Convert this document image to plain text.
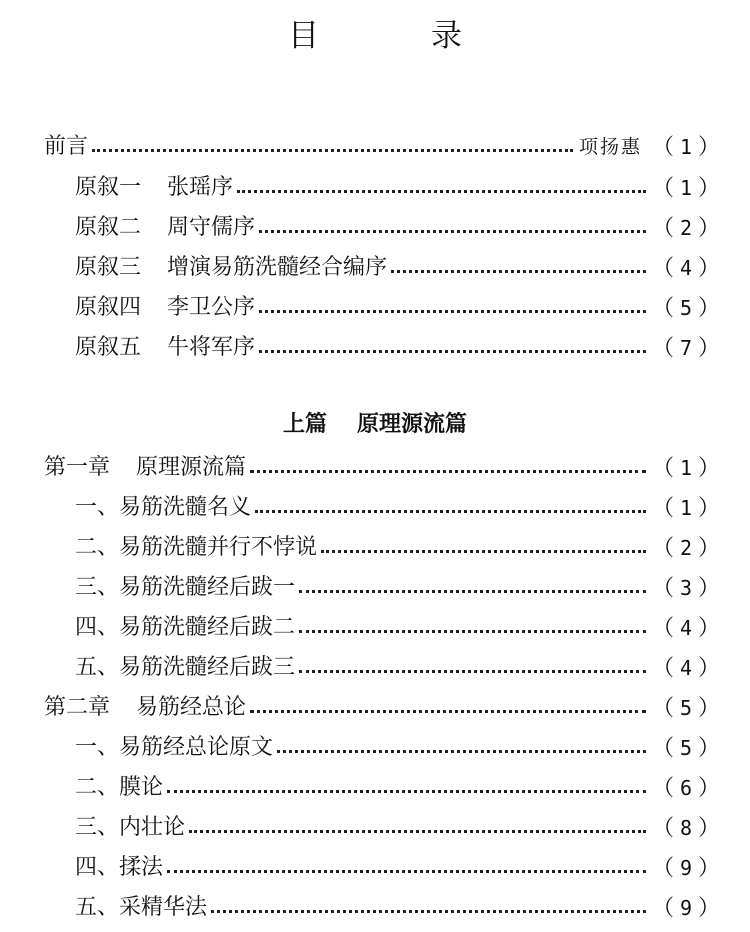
目	录
前言	项扬惠 （ 1 ）
原叙一 张瑶序	（ 1 ）
原叙二 周守儒序	（ 2 ）
原叙三 增演易筋洗髓经合编序	（ 4 ）
原叙四 李卫公序	（ 5 ）
原叙五 牛将军序	（ 7 ）
上篇 原理源流篇
第一章 原理源流篇	（ 1 ）
一、易筋洗髓名义	（ 1 ）
二、易筋洗髓并行不悖说	（ 2 ）
三、易筋洗髓经后跋一	（ 3 ）
四、易筋洗髓经后跋二	（ 4 ）
五、易筋洗髓经后跋三	（ 4 ）
第二章 易筋经总论	（ 5 ）
一、易筋经总论原文	（ 5 ）
二、膜论	（ 6 ）
三、内壮论	（ 8 ）
四、揉法	（ 9 ）
五、采精华法	（ 9 ）
